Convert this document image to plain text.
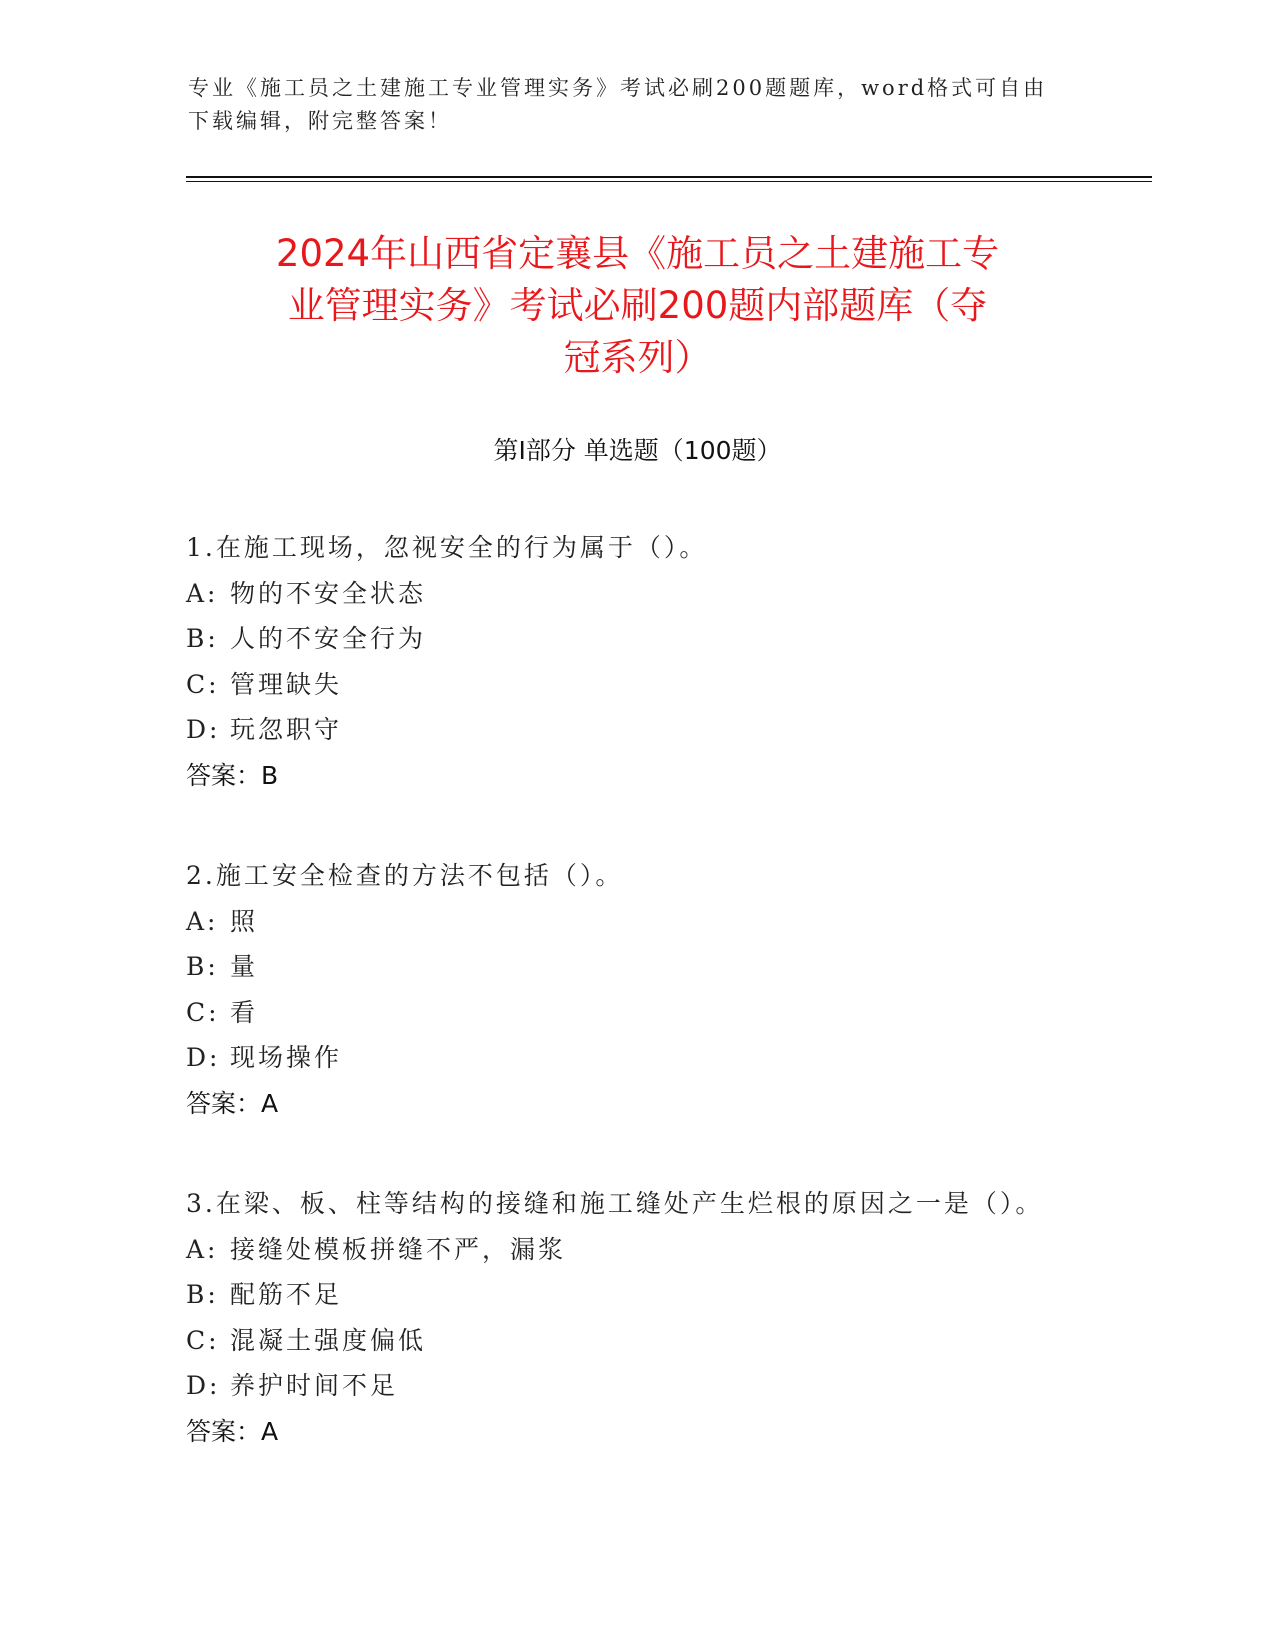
专业《施工员之土建施工专业管理实务》考试必刷200题题库，word格式可自由
下载编辑，附完整答案！
2024年山西省定襄县《施工员之土建施工专
业管理实务》考试必刷200题内部题库（夺
冠系列）
第Ⅰ部分 单选题（100题）
1.在施工现场，忽视安全的行为属于（）。
A: 物的不安全状态
B: 人的不安全行为
C: 管理缺失
D: 玩忽职守
答案：B
2.施工安全检查的方法不包括（）。
A: 照
B: 量
C: 看
D: 现场操作
答案：A
3.在梁、板、柱等结构的接缝和施工缝处产生烂根的原因之一是（）。
A: 接缝处模板拼缝不严，漏浆
B: 配筋不足
C: 混凝土强度偏低
D: 养护时间不足
答案：A
